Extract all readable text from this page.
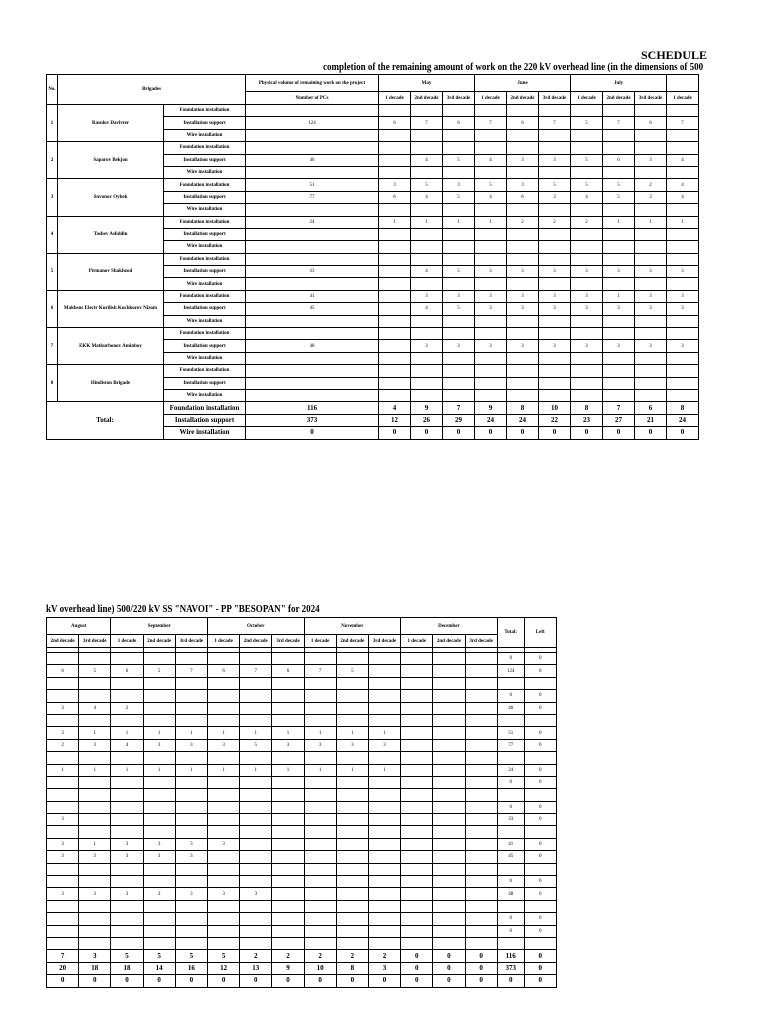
SCHEDULE
completion of the remaining amount of work on the 220 kV overhead line (in the dimensions of 500
kV overhead line) 500/220 kV SS "NAVOI" - PP "BESOPAN" for 2024
No.	Brigades		Physical volume of remaining work on the project	May			June			July			
			Number of PCs	1 decade	2nd decade	3rd decade	1 decade	2nd decade	3rd decade	1 decade	2nd decade	3rd decade	1 decade
1	Rasulov Davlvter	Foundation installation											
		Installation support	124	6	7	6	7	6	7	5	7	6	7
		Wire installation											
2	Saparov Bekjon	Foundation installation											
		Installation support	46		4	5	4	3	3	5	6	3	4
		Wire installation											
3	Suvonov Oybek	Foundation installation	51	3	5	3	5	3	5	5	5	2	4
		Installation support	77	6	4	5	4	6	3	4	5	3	4
		Wire installation											
4	Tashev Asliddin	Foundation installation	24	1	1	1	1	2	2	2	1	1	1
		Installation support											
		Wire installation											
5	Pirmanov Shakhzod	Foundation installation											
		Installation support	33		4	5	3	3	3	3	3	3	3
		Wire installation											
6	Makhsus Electr Kurilish Kuchkorov Nizom	Foundation installation	41		3	3	3	3	3	3	1	3	3
		Installation support	45		4	5	3	3	3	3	3	3	3
		Wire installation											
7	EKK Matkurbonov Aminboy	Foundation installation											
		Installation support	48		3	3	3	3	3	3	3	3	3
		Wire installation											
8	Hindiston Brigade	Foundation installation											
		Installation support											
		Wire installation											
Total:		Foundation installation	116	4	9	7	9	8	10	8	7	6	8
		Installation support	373	12	26	29	24	24	22	23	27	21	24
		Wire installation	0	0	0	0	0	0	0	0	0	0	0
August		September			October			November			December			Total:	Left
2nd decade	3rd decade	1 decade	2nd decade	3rd decade	1 decade	2nd decade	3rd decade	1 decade	2nd decade	3rd decade	1 decade	2nd decade	3rd decade		

														0	0
6	5	6	5	7	6	7	6	7	5					124	0

														0	0
3	4	2												46	0

3	1	1	1	1	1	1	1	1	1	1				51	0
2	3	4	3	3	3	5	3	3	3	3				77	0

1	1	1	1	1	1	1	1	1	1	1				24	0
														0	0

														0	0
3														33	0

3	1	3	3	3	3									41	0
3	3	3	3	3										45	0

														0	0
3	3	3	3	3	3	3								48	0

														0	0
														0	0

7	3	5	5	5	5	2	2	2	2	2	0	0	0	116	0
20	18	18	14	16	12	13	9	10	8	3	0	0	0	373	0
0	0	0	0	0	0	0	0	0	0	0	0	0	0	0	0
